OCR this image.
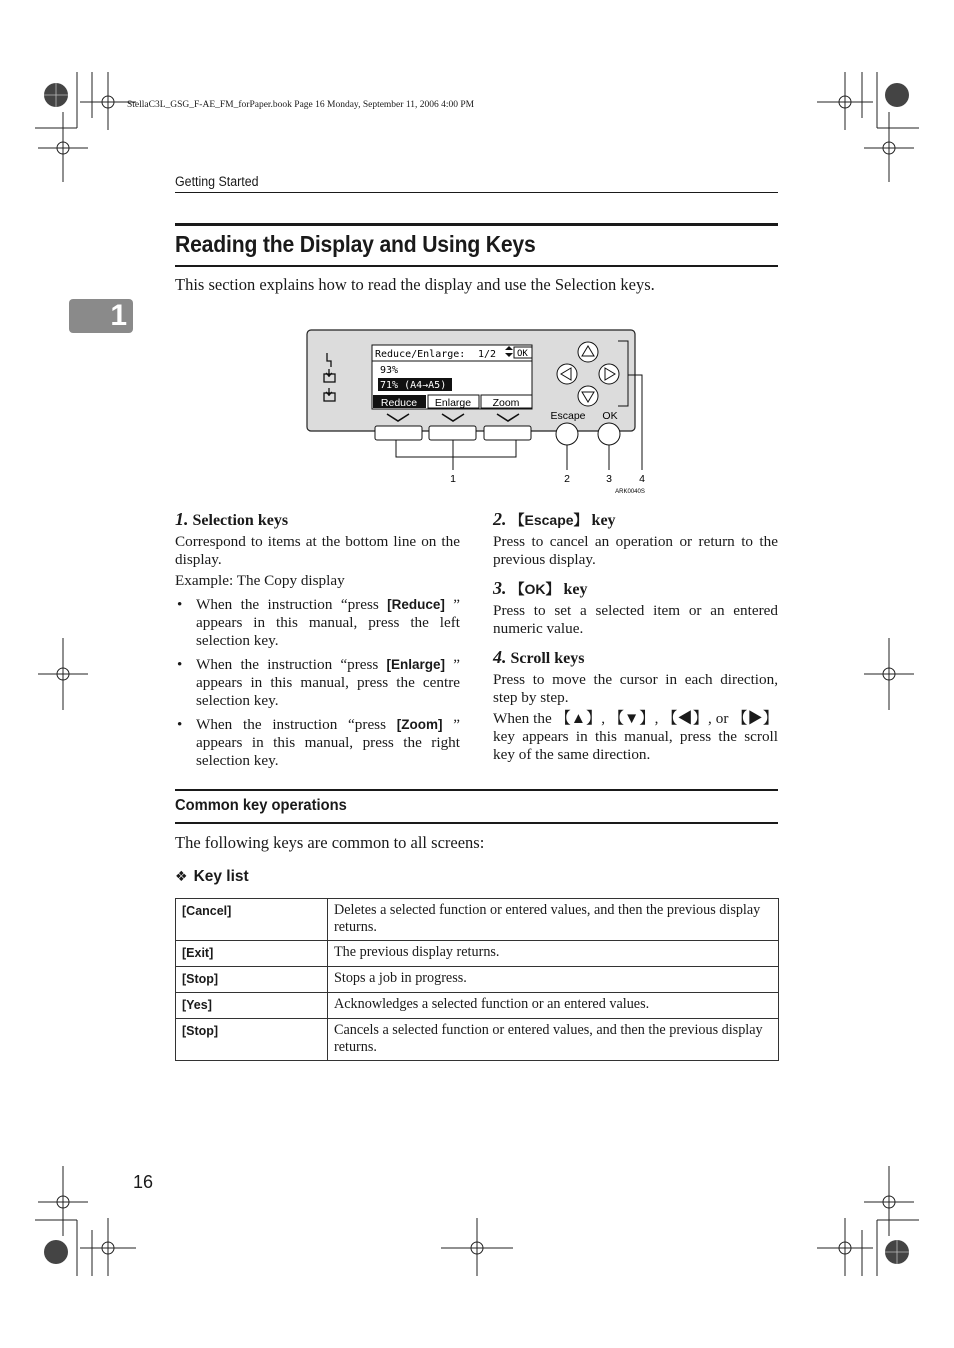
StellaC3L_GSG_F-AE_FM_forPaper.book Page 16 Monday, September 11, 2006 4:00 PM
Getting Started
Reading the Display and Using Keys
This section explains how to read the display and use the Selection keys.
1
Reduce/Enlarge: 1/2 OK
93%
71% (A4→A5)
Reduce Enlarge Zoom
Escape OK
1	2	3	4
ARK0040S

1. Selection keys

Correspond to items at the bottom line on the display.

Example: The Copy display

• When the instruction “press [Reduce] ” appears in this manual, press the left selection key.
• When the instruction “press [Enlarge] ” appears in this manual, press the centre selection key.
• When the instruction “press [Zoom] ” appears in this manual, press the right selection key.

2. 【Escape】 key

Press to cancel an operation or return to the previous display.

3. 【OK】 key

Press to set a selected item or an entered numeric value.

4. Scroll keys

Press to move the cursor in each direction, step by step.

When the 【▲】, 【▼】, 【◀】, or 【▶】 key appears in this manual, press the scroll key of the same direction.

Common key operations
The following keys are common to all screens:
❖ Key list
[Cancel]	Deletes a selected function or entered values, and then the previous display returns.
[Exit]	The previous display returns.
[Stop]	Stops a job in progress.
[Yes]	Acknowledges a selected function or an entered values.
[Stop]	Cancels a selected function or entered values, and then the previous display returns.
16
